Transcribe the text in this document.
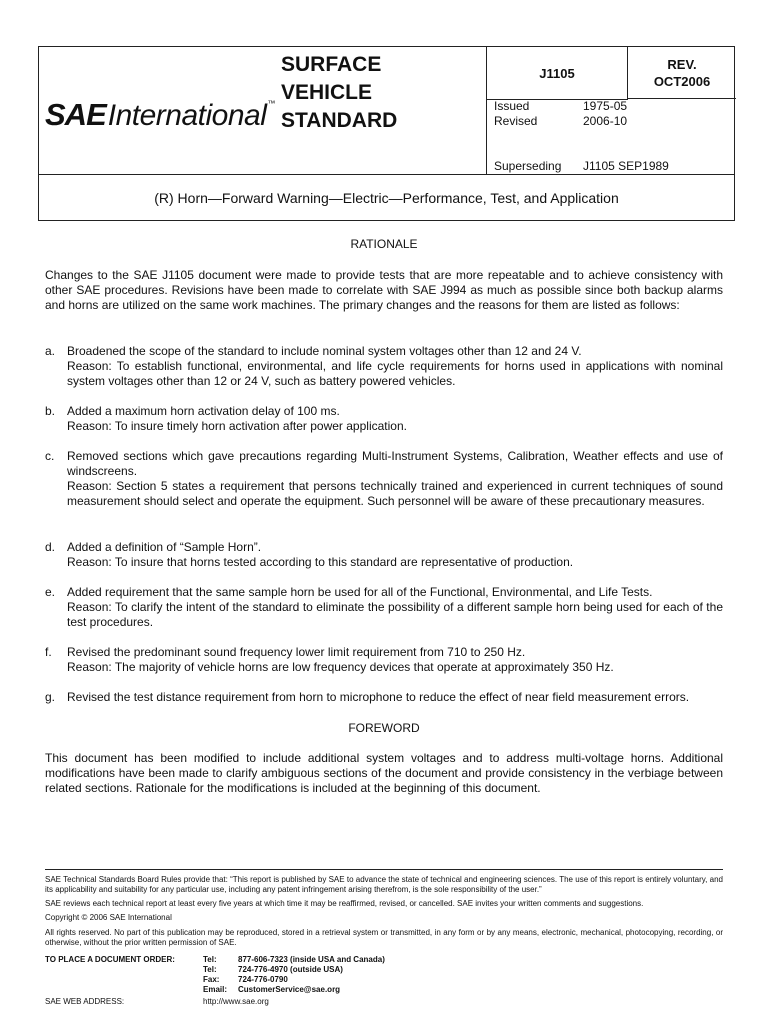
SAEInternational™
SURFACE
VEHICLE
STANDARD
J1105
REV.
OCT2006
Issued	1975-05
Revised	2006-10
Superseding J1105 SEP1989
(R) Horn—Forward Warning—Electric—Performance, Test, and Application
RATIONALE
Changes to the SAE J1105 document were made to provide tests that are more repeatable and to achieve consistency with other SAE procedures. Revisions have been made to correlate with SAE J994 as much as possible since both backup alarms and horns are utilized on the same work machines. The primary changes and the reasons for them are listed as follows:
a. Broadened the scope of the standard to include nominal system voltages other than 12 and 24 V.
Reason: To establish functional, environmental, and life cycle requirements for horns used in applications with nominal system voltages other than 12 or 24 V, such as battery powered vehicles.
b. Added a maximum horn activation delay of 100 ms.
Reason: To insure timely horn activation after power application.
c. Removed sections which gave precautions regarding Multi-Instrument Systems, Calibration, Weather effects and use of windscreens.
Reason: Section 5 states a requirement that persons technically trained and experienced in current techniques of sound measurement should select and operate the equipment. Such personnel will be aware of these precautionary measures.
d. Added a definition of “Sample Horn”.
Reason: To insure that horns tested according to this standard are representative of production.
e. Added requirement that the same sample horn be used for all of the Functional, Environmental, and Life Tests.
Reason: To clarify the intent of the standard to eliminate the possibility of a different sample horn being used for each of the test procedures.
f. Revised the predominant sound frequency lower limit requirement from 710 to 250 Hz.
Reason: The majority of vehicle horns are low frequency devices that operate at approximately 350 Hz.
g. Revised the test distance requirement from horn to microphone to reduce the effect of near field measurement errors.
FOREWORD
This document has been modified to include additional system voltages and to address multi-voltage horns. Additional modifications have been made to clarify ambiguous sections of the document and provide consistency in the verbiage between related sections. Rationale for the modifications is included at the beginning of this document.
SAE Technical Standards Board Rules provide that: “This report is published by SAE to advance the state of technical and engineering sciences. The use of this report is entirely voluntary, and its applicability and suitability for any particular use, including any patent infringement arising therefrom, is the sole responsibility of the user.”
SAE reviews each technical report at least every five years at which time it may be reaffirmed, revised, or cancelled. SAE invites your written comments and suggestions.
Copyright © 2006 SAE International
All rights reserved. No part of this publication may be reproduced, stored in a retrieval system or transmitted, in any form or by any means, electronic, mechanical, photocopying, recording, or otherwise, without the prior written permission of SAE.
TO PLACE A DOCUMENT ORDER:	Tel:	877-606-7323 (inside USA and Canada)
Tel:	724-776-4970 (outside USA)
Fax: 724-776-0790
Email: CustomerService@sae.org
SAE WEB ADDRESS:	http://www.sae.org
